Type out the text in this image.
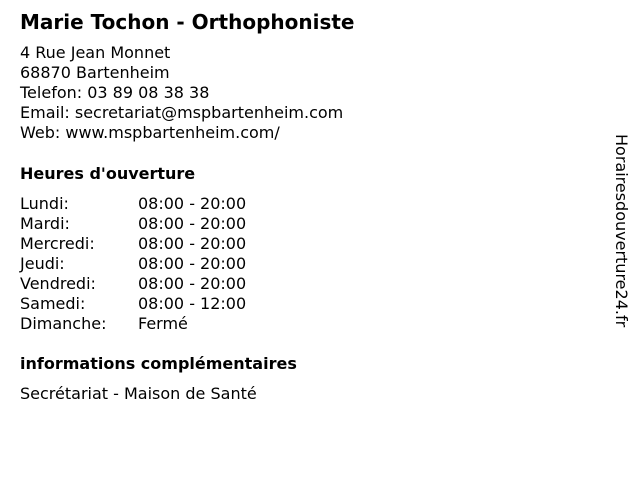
Marie Tochon - Orthophoniste
4 Rue Jean Monnet
68870 Bartenheim
Telefon: 03 89 08 38 38
Email: secretariat@mspbartenheim.com
Web: www.mspbartenheim.com/
Heures d'ouverture
Lundi:	08:00 - 20:00
Mardi:	08:00 - 20:00
Mercredi:	08:00 - 20:00
Jeudi:	08:00 - 20:00
Vendredi:	08:00 - 20:00
Samedi:	08:00 - 12:00
Dimanche: Fermé
informations complémentaires
Secrétariat - Maison de Santé
Horairesdouverture24.fr
